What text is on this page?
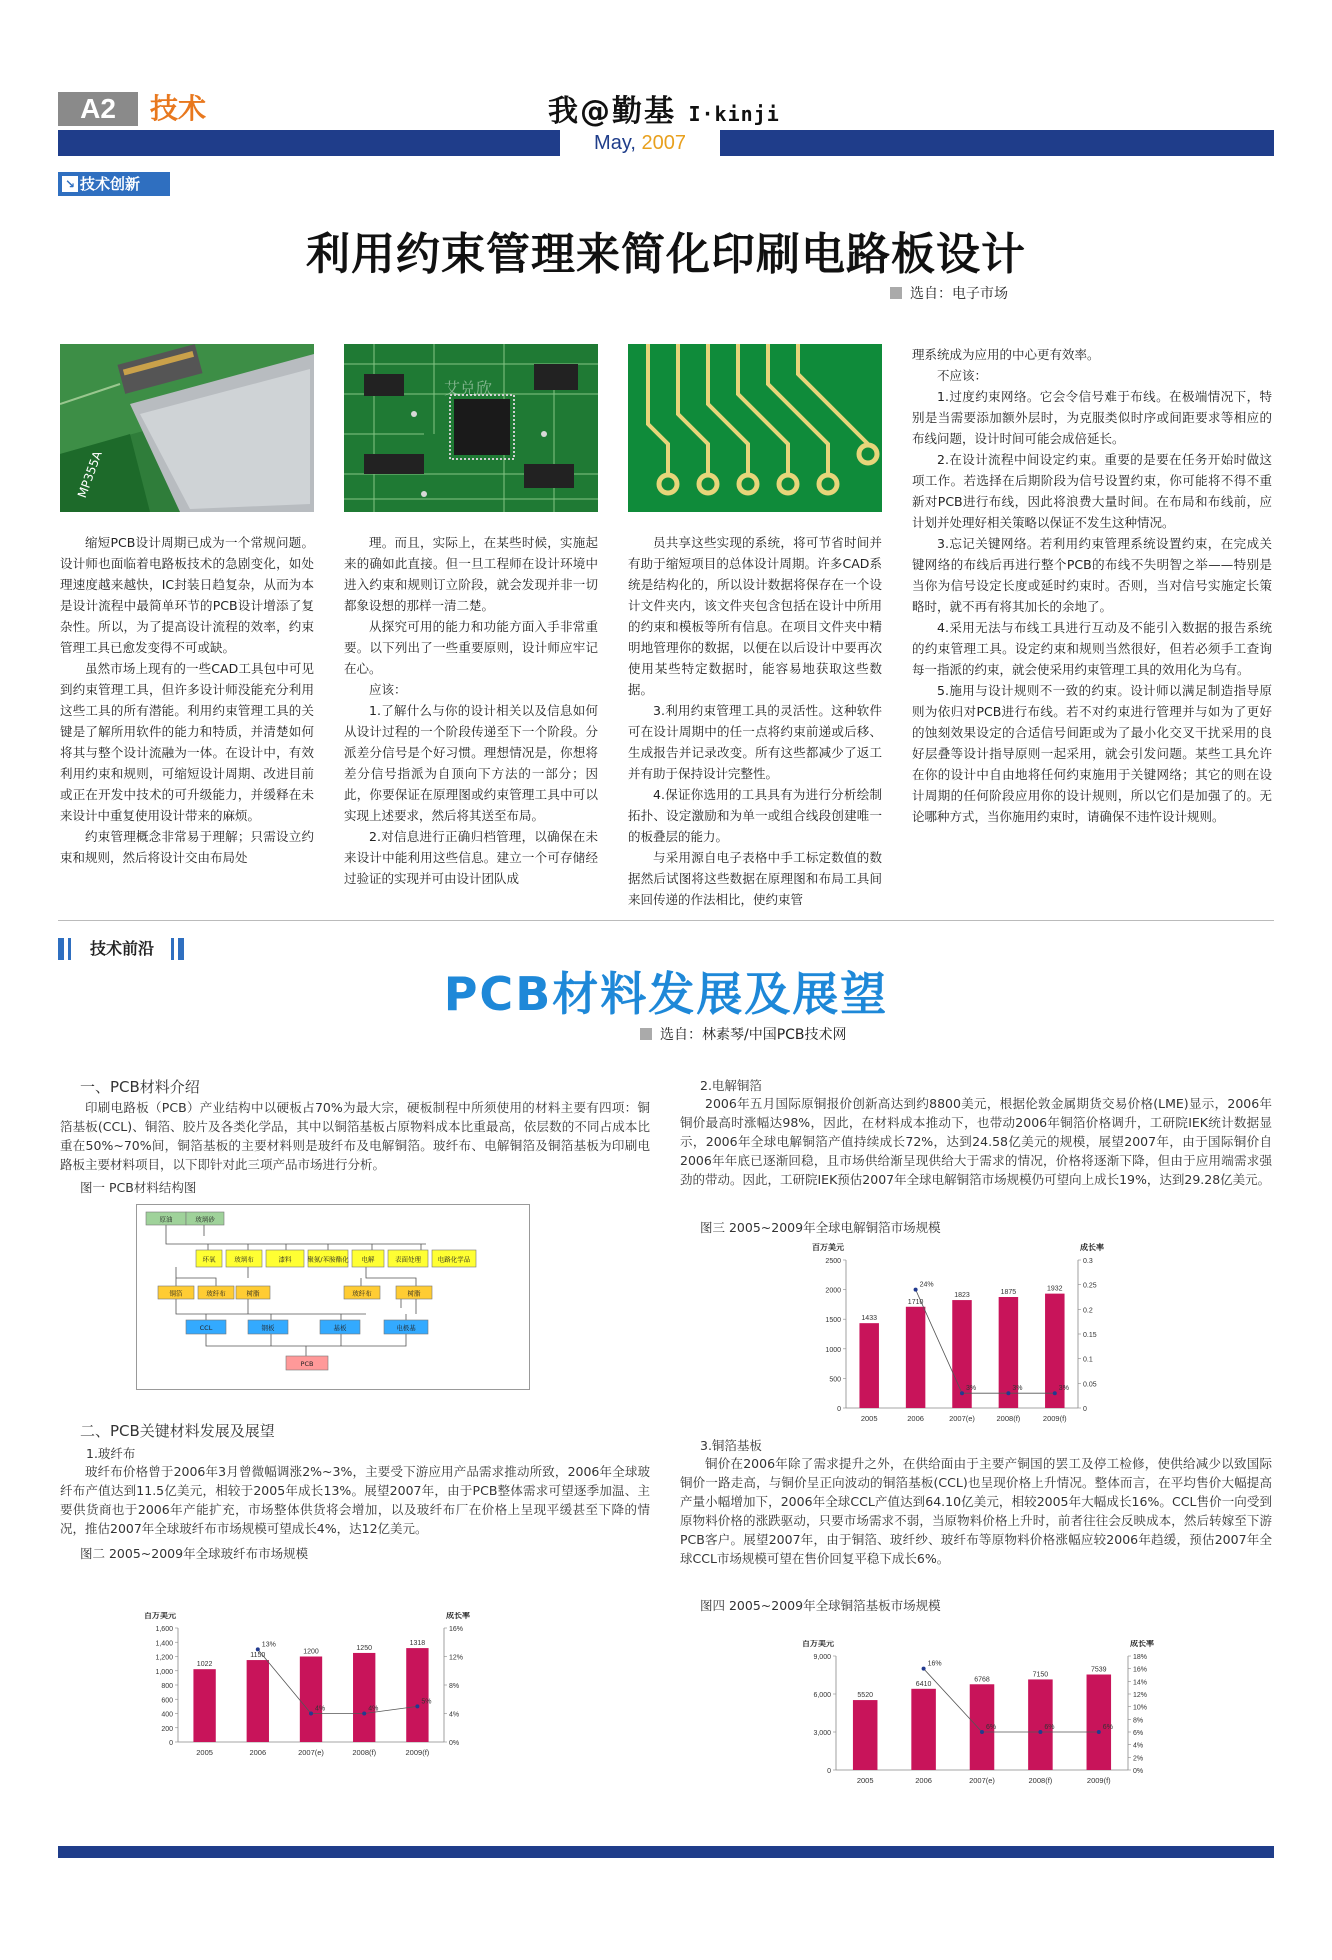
A2	技术	我@勤基 I·kinji
May, 2007
↘ 技术创新
利用约束管理来简化印刷电路板设计
选自：电子市场
MP355A
艾兑欣

缩短PCB设计周期已成为一个常规问题。设计师也面临着电路板技术的急剧变化，如处理速度越来越快，IC封装日趋复杂，从而为本是设计流程中最简单环节的PCB设计增添了复杂性。所以，为了提高设计流程的效率，约束管理工具已愈发变得不可或缺。

虽然市场上现有的一些CAD工具包中可见到约束管理工具，但许多设计师没能充分利用这些工具的所有潜能。利用约束管理工具的关键是了解所用软件的能力和特质，并清楚如何将其与整个设计流融为一体。在设计中，有效利用约束和规则，可缩短设计周期、改进目前或正在开发中技术的可升级能力，并缓释在未来设计中重复使用设计带来的麻烦。

约束管理概念非常易于理解；只需设立约束和规则，然后将设计交由布局处

理。而且，实际上，在某些时候，实施起来的确如此直接。但一旦工程师在设计环境中进入约束和规则订立阶段，就会发现并非一切都象设想的那样一清二楚。

从探究可用的能力和功能方面入手非常重要。以下列出了一些重要原则，设计师应牢记在心。

应该：

1.了解什么与你的设计相关以及信息如何从设计过程的一个阶段传递至下一个阶段。分派差分信号是个好习惯。理想情况是，你想将差分信号指派为自顶向下方法的一部分；因此，你要保证在原理图或约束管理工具中可以实现上述要求，然后将其送至布局。

2.对信息进行正确归档管理，以确保在未来设计中能利用这些信息。建立一个可存储经过验证的实现并可由设计团队成

员共享这些实现的系统，将可节省时间并有助于缩短项目的总体设计周期。许多CAD系统是结构化的，所以设计数据将保存在一个设计文件夹内，该文件夹包含包括在设计中所用的约束和模板等所有信息。在项目文件夹中精明地管理你的数据，以便在以后设计中要再次使用某些特定数据时，能容易地获取这些数据。

3.利用约束管理工具的灵活性。这种软件可在设计周期中的任一点将约束前递或后移、生成报告并记录改变。所有这些都减少了返工并有助于保持设计完整性。

4.保证你选用的工具具有为进行分析绘制拓扑、设定激励和为单一或组合线段创建唯一的板叠层的能力。

与采用源自电子表格中手工标定数值的数据然后试图将这些数据在原理图和布局工具间来回传递的作法相比，使约束管

理系统成为应用的中心更有效率。

不应该：

1.过度约束网络。它会令信号难于布线。在极端情况下，特别是当需要添加额外层时，为克服类似时序或间距要求等相应的布线问题，设计时间可能会成倍延长。

2.在设计流程中间设定约束。重要的是要在任务开始时做这项工作。若选择在后期阶段为信号设置约束，你可能将不得不重新对PCB进行布线，因此将浪费大量时间。在布局和布线前，应计划并处理好相关策略以保证不发生这种情况。

3.忘记关键网络。若利用约束管理系统设置约束，在完成关键网络的布线后再进行整个PCB的布线不失明智之举——特别是当你为信号设定长度或延时约束时。否则，当对信号实施定长策略时，就不再有将其加长的余地了。

4.采用无法与布线工具进行互动及不能引入数据的报告系统的约束管理工具。设定约束和规则当然很好，但若必须手工查询每一指派的约束，就会使采用约束管理工具的效用化为乌有。

5.施用与设计规则不一致的约束。设计师以满足制造指导原则为依归对PCB进行布线。若不对约束进行管理并与如为了更好的蚀刻效果设定的合适信号间距或为了最小化交叉干扰采用的良好层叠等设计指导原则一起采用，就会引发问题。某些工具允许在你的设计中自由地将任何约束施用于关键网络；其它的则在设计周期的任何阶段应用你的设计规则，所以它们是加强了的。无论哪种方式，当你施用约束时，请确保不违忤设计规则。

技术前沿
PCB材料发展及展望
选自：林素琴/中国PCB技术网
一、PCB材料介绍

印刷电路板（PCB）产业结构中以硬板占70%为最大宗，硬板制程中所须使用的材料主要有四项：铜箔基板(CCL)、铜箔、胶片及各类化学品，其中以铜箔基板占原物料成本比重最高，依层数的不同占成本比重在50%~70%间，铜箔基板的主要材料则是玻纤布及电解铜箔。玻纤布、电解铜箔及铜箔基板为印刷电路板主要材料项目，以下即针对此三项产品市场进行分析。

图一 PCB材料结构图
原油	玻璃砂
环氧	玻璃布	漆料 聚氨/苯胺酯化 电解	表面处理	电路化学品
铜箔	玻纤布	树脂	玻纤布	树脂
CCL	钢板	基板	电极基
PCB
二、PCB关键材料发展及展望
1.玻纤布

玻纤布价格曾于2006年3月曾微幅调涨2%~3%，主要受下游应用产品需求推动所致，2006年全球玻纤布产值达到11.5亿美元，相较于2005年成长13%。展望2007年，由于PCB整体需求可望逐季加温、主要供货商也于2006年产能扩充，市场整体供货将会增加，以及玻纤布厂在价格上呈现平缓甚至下降的情况，推估2007年全球玻纤布市场规模可望成长4%，达12亿美元。

图二 2005~2009年全球玻纤布市场规模
2.电解铜箔

2006年五月国际原铜报价创新高达到约8800美元，根据伦敦金属期货交易价格(LME)显示，2006年铜价最高时涨幅达98%，因此，在材料成本推动下，也带动2006年铜箔价格调升，工研院IEK统计数据显示，2006年全球电解铜箔产值持续成长72%，达到24.58亿美元的规模，展望2007年，由于国际铜价自2006年年底已逐渐回稳，且市场供给渐呈现供给大于需求的情况，价格将逐渐下降，但由于应用端需求强劲的带动。因此，工研院IEK预估2007年全球电解铜箔市场规模仍可望向上成长19%，达到29.28亿美元。

图三 2005~2009年全球电解铜箔市场规模
3.铜箔基板

铜价在2006年除了需求提升之外，在供给面由于主要产铜国的罢工及停工检修，使供给减少以致国际铜价一路走高，与铜价呈正向波动的铜箔基板(CCL)也呈现价格上升情况。整体而言，在平均售价大幅提高产量小幅增加下，2006年全球CCL产值达到64.10亿美元，相较2005年大幅成长16%。CCL售价一向受到原物料价格的涨跌驱动，只要市场需求不弱，当原物料价格上升时，前者往往会反映成本，然后转嫁至下游PCB客户。展望2007年，由于铜箔、玻纤纱、玻纤布等原物料价格涨幅应较2006年趋缓，预估2007年全球CCL市场规模可望在售价回复平稳下成长6%。

图四 2005~2009年全球铜箔基板市场规模
百万美元	成长率
0
200
400
600
800
1,000
1,200
1,400
1,600
0%
4%
8%
12%
16%
1022
2005
1150
2006
1200
2007(e)
1250
2008(f)
1318
2009(f)
13%
4%	4%
5%
百万美元	成长率
0
500
1000
1500
2000
2500
0
0.05
0.1
0.15
0.2
0.25
0.3
1433
2005
1710
2006
1823
2007(e)
1875
2008(f)
1932
2009(f)
24%
3%	3%	3%
百万美元	成长率
0
3,000
6,000
9,000
0%
2%
4%
6%
8%
10%
12%
14%
16%
18%
5520
2005
6410
2006
6768
2007(e)
7150
2008(f)
7539
2009(f)
16%
6%	6%	6%
